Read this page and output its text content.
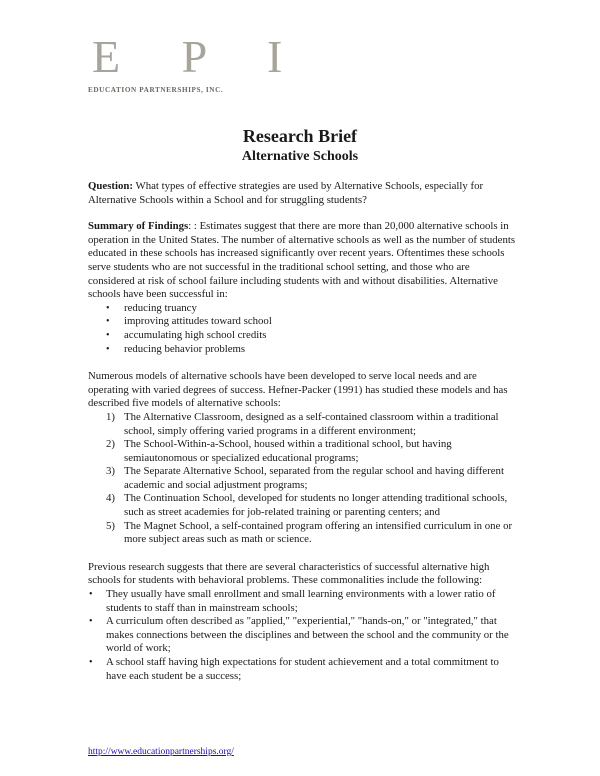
E P I
EDUCATION PARTNERSHIPS, INC.
Research Brief
Alternative Schools

Question: What types of effective strategies are used by Alternative Schools, especially for Alternative Schools within a School and for struggling students?

Summary of Findings: : Estimates suggest that there are more than 20,000 alternative schools in operation in the United States. The number of alternative schools as well as the number of students educated in these schools has increased significantly over recent years. Oftentimes these schools serve students who are not successful in the traditional school setting, and those who are considered at risk of school failure including students with and without disabilities. Alternative schools have been successful in:

• reducing truancy
• improving attitudes toward school
• accumulating high school credits
• reducing behavior problems

Numerous models of alternative schools have been developed to serve local needs and are operating with varied degrees of success. Hefner-Packer (1991) has studied these models and has described five models of alternative schools:

1) The Alternative Classroom, designed as a self-contained classroom within a traditional school, simply offering varied programs in a different environment;
2) The School-Within-a-School, housed within a traditional school, but having semiautonomous or specialized educational programs;
3) The Separate Alternative School, separated from the regular school and having different academic and social adjustment programs;
4) The Continuation School, developed for students no longer attending traditional schools, such as street academies for job-related training or parenting centers; and
5) The Magnet School, a self-contained program offering an intensified curriculum in one or more subject areas such as math or science.

Previous research suggests that there are several characteristics of successful alternative high schools for students with behavioral problems. These commonalities include the following:

• They usually have small enrollment and small learning environments with a lower ratio of students to staff than in mainstream schools;
• A curriculum often described as "applied," "experiential," "hands-on," or "integrated," that makes connections between the disciplines and between the school and the community or the world of work;
• A school staff having high expectations for student achievement and a total commitment to have each student be a success;
http://www.educationpartnerships.org/
